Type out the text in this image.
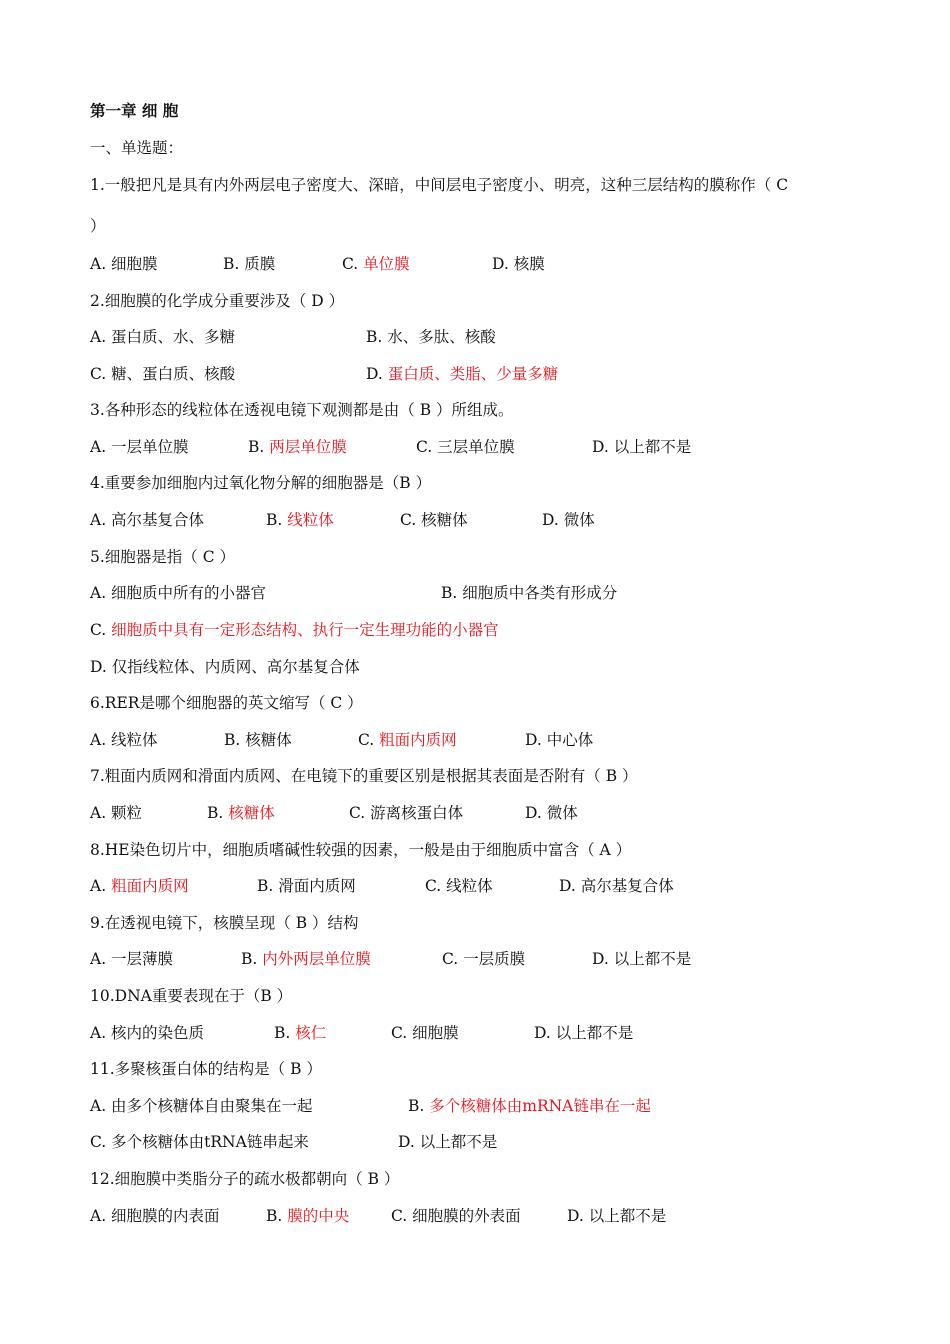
第一章 细 胞
一、单选题：
1.一般把凡是具有内外两层电子密度大、深暗，中间层电子密度小、明亮，这种三层结构的膜称作（ C
）
A. 细胞膜	B. 质膜	C. 单位膜	D. 核膜
2.细胞膜的化学成分重要涉及（ D ）
A. 蛋白质、水、多糖	B. 水、多肽、核酸
C. 糖、蛋白质、核酸	D. 蛋白质、类脂、少量多糖
3.各种形态的线粒体在透视电镜下观测都是由（ B ）所组成。
A. 一层单位膜	B. 两层单位膜	C. 三层单位膜	D. 以上都不是
4.重要参加细胞内过氧化物分解的细胞器是（B ）
A. 高尔基复合体	B. 线粒体	C. 核糖体	D. 微体
5.细胞器是指（ C ）
A. 细胞质中所有的小器官	B. 细胞质中各类有形成分
C. 细胞质中具有一定形态结构、执行一定生理功能的小器官
D. 仅指线粒体、内质网、高尔基复合体
6.RER是哪个细胞器的英文缩写（ C ）
A. 线粒体	B. 核糖体	C. 粗面内质网	D. 中心体
7.粗面内质网和滑面内质网、在电镜下的重要区别是根据其表面是否附有（ B ）
A. 颗粒	B. 核糖体	C. 游离核蛋白体	D. 微体
8.HE染色切片中，细胞质嗜碱性较强的因素，一般是由于细胞质中富含（ A ）
A. 粗面内质网	B. 滑面内质网	C. 线粒体	D. 高尔基复合体
9.在透视电镜下，核膜呈现（ B ）结构
A. 一层薄膜	B. 内外两层单位膜	C. 一层质膜	D. 以上都不是
10.DNA重要表现在于（B ）
A. 核内的染色质	B. 核仁	C. 细胞膜	D. 以上都不是
11.多聚核蛋白体的结构是（ B ）
A. 由多个核糖体自由聚集在一起	B. 多个核糖体由mRNA链串在一起
C. 多个核糖体由tRNA链串起来	D. 以上都不是
12.细胞膜中类脂分子的疏水极都朝向（ B ）
A. 细胞膜的内表面	B. 膜的中央	C. 细胞膜的外表面	D. 以上都不是
